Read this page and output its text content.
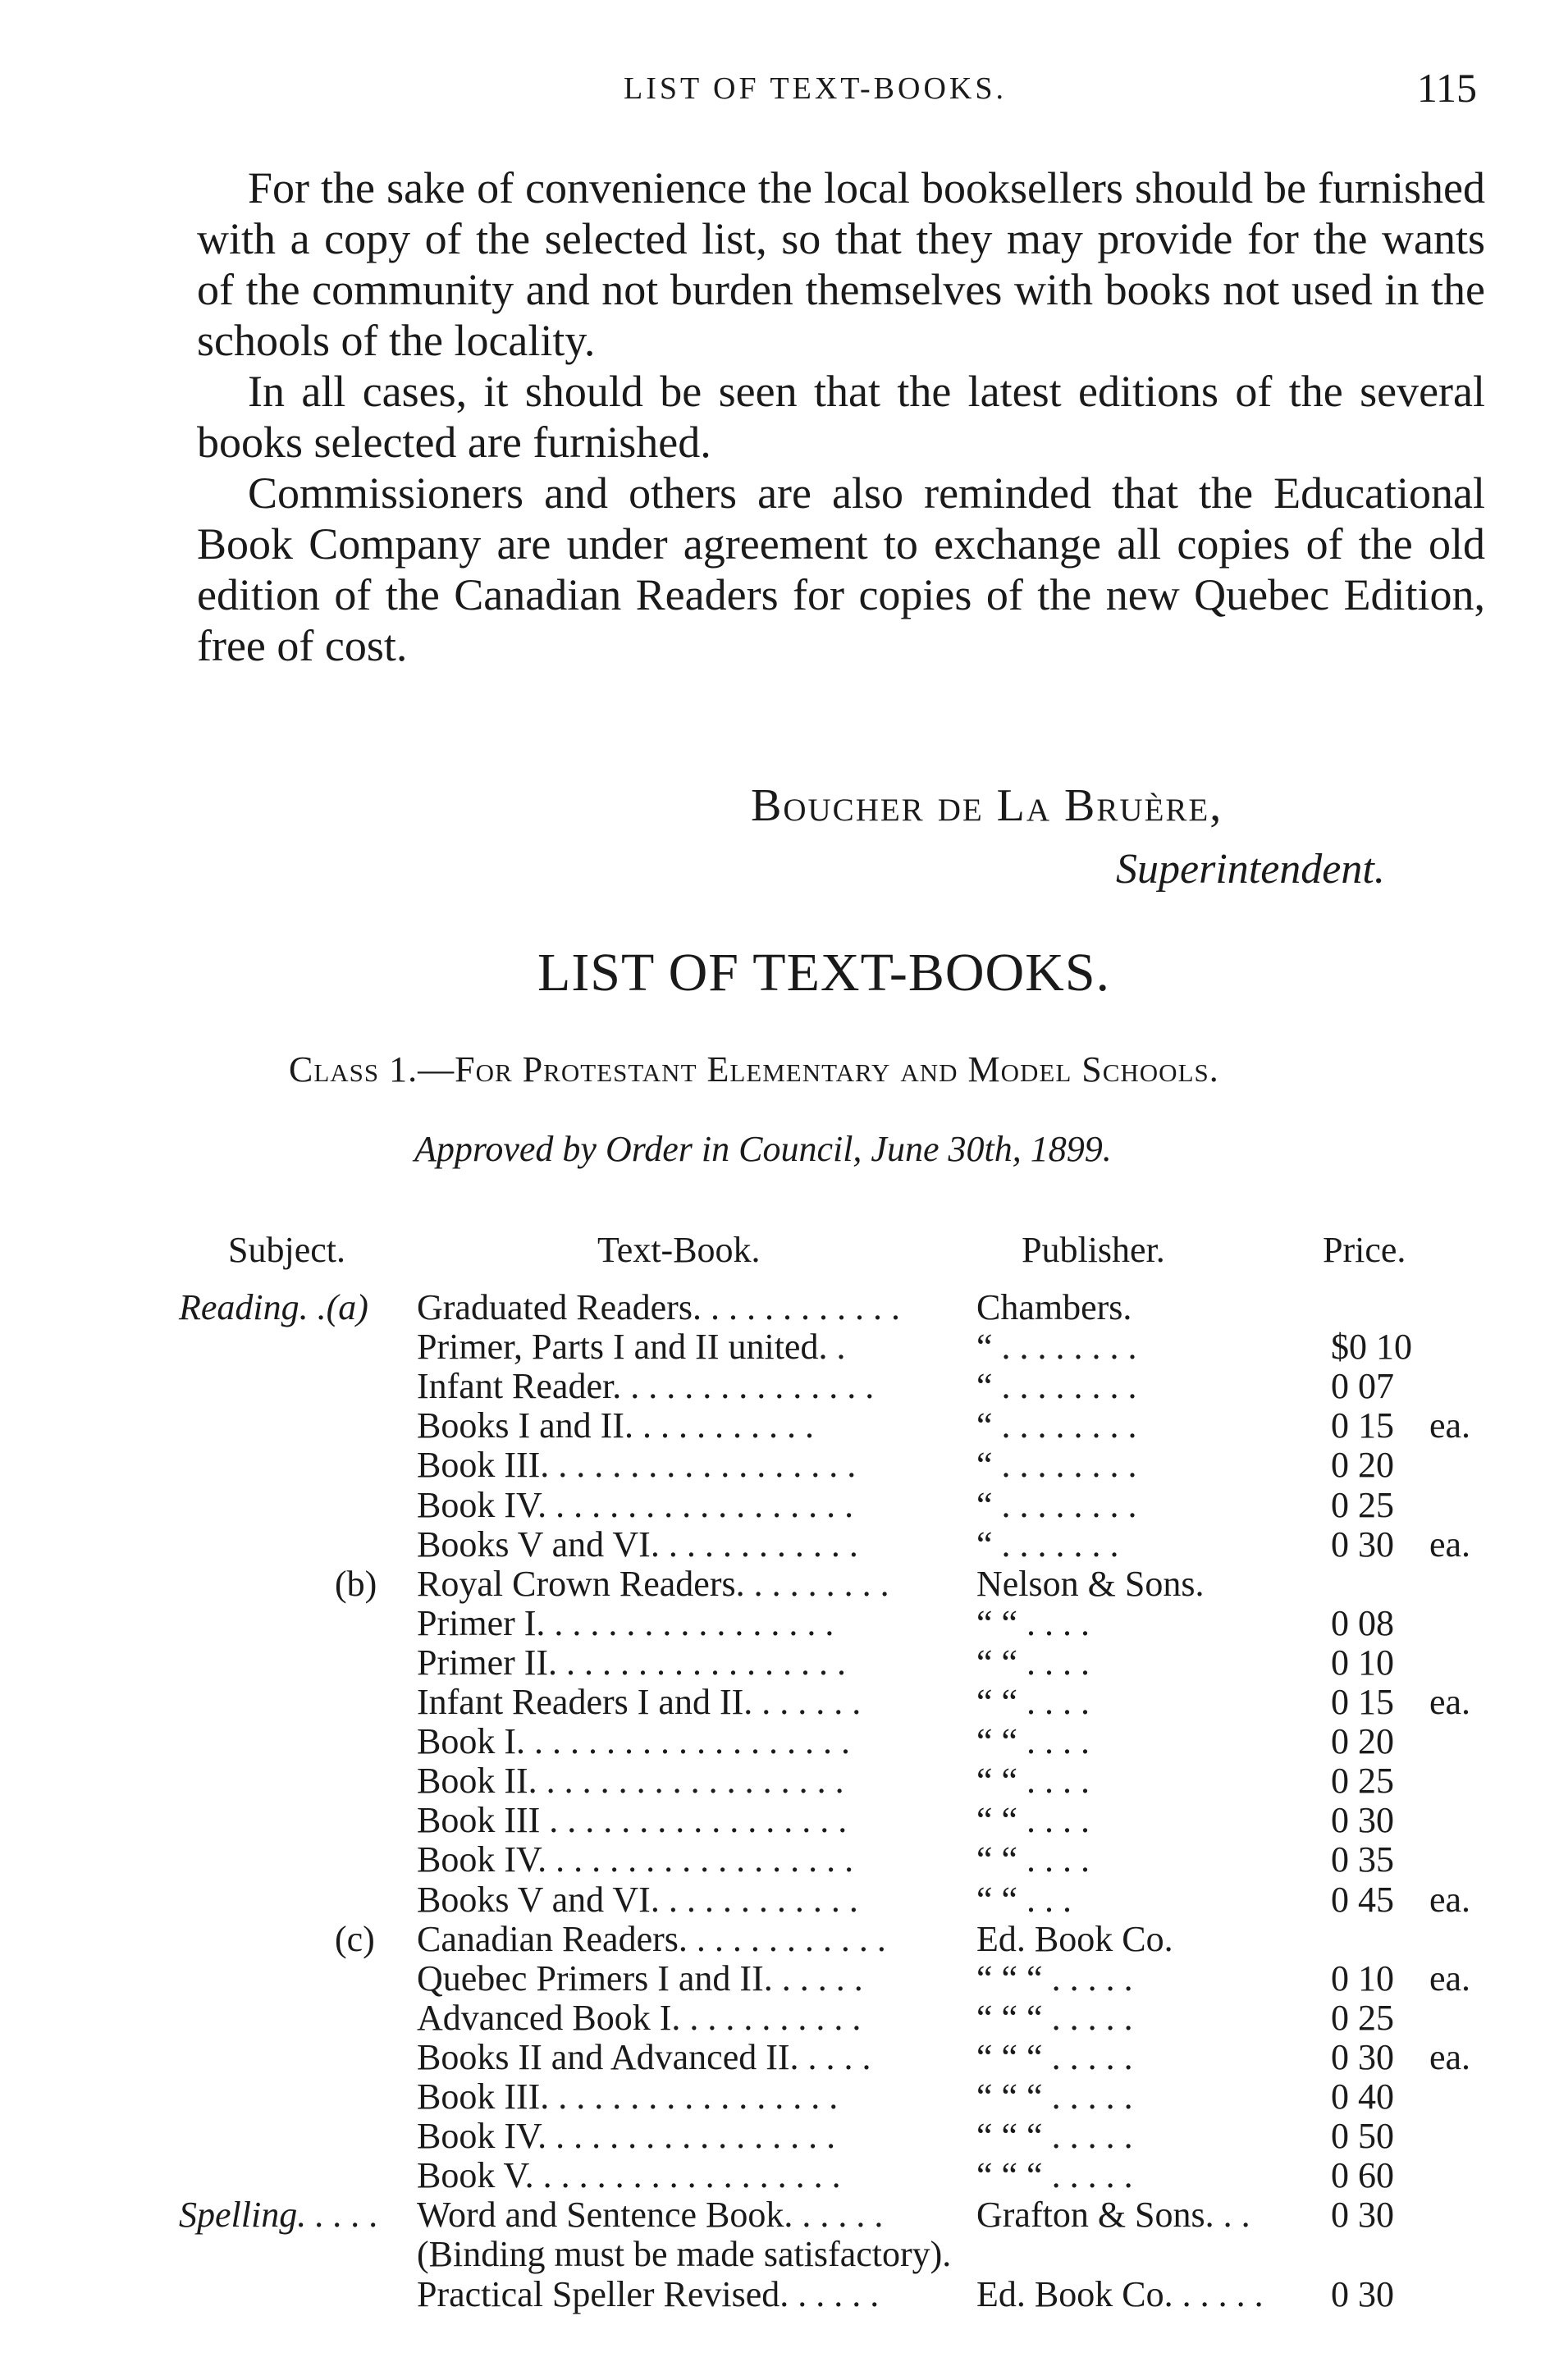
LIST OF TEXT-BOOKS.	115

For the sake of convenience the local booksellers should be furnished with a copy of the selected list, so that they may provide for the wants of the community and not burden themselves with books not used in the schools of the locality.

In all cases, it should be seen that the latest editions of the several books selected are furnished.

Commissioners and others are also reminded that the Educational Book Company are under agreement to exchange all copies of the old edition of the Canadian Readers for copies of the new Quebec Edition, free of cost.

Boucher de La Bruère,
Superintendent.
LIST OF TEXT-BOOKS.
Class 1.—For Protestant Elementary and Model Schools.
Approved by Order in Council, June 30th, 1899.
Subject.	Text-Book.	Publisher.	Price.
Reading. .(a) Graduated Readers. . . . . . . . . . . . Chambers.
Primer, Parts I and II united. .	“ . . . . . . . .	$0 10
Infant Reader. . . . . . . . . . . . . . .	“ . . . . . . . .	0 07
Books I and II. . . . . . . . . . .	“ . . . . . . . .	0 15 ea.
Book III. . . . . . . . . . . . . . . . . .	“ . . . . . . . .	0 20
Book IV. . . . . . . . . . . . . . . . . .	“ . . . . . . . .	0 25
Books V and VI. . . . . . . . . . . .	“ . . . . . . .	0 30 ea.
(b) Royal Crown Readers. . . . . . . . . Nelson & Sons.
Primer I. . . . . . . . . . . . . . . . .	“ “ . . . .	0 08
Primer II. . . . . . . . . . . . . . . . .	“ “ . . . .	0 10
Infant Readers I and II. . . . . . .	“ “ . . . .	0 15 ea.
Book I. . . . . . . . . . . . . . . . . . .	“ “ . . . .	0 20
Book II. . . . . . . . . . . . . . . . . .	“ “ . . . .	0 25
Book III . . . . . . . . . . . . . . . . .	“ “ . . . .	0 30
Book IV. . . . . . . . . . . . . . . . . .	“ “ . . . .	0 35
Books V and VI. . . . . . . . . . . .	“ “ . . .	0 45 ea.
(c) Canadian Readers. . . . . . . . . . . .	Ed. Book Co.
Quebec Primers I and II. . . . . .	“ “ “ . . . . .	0 10 ea.
Advanced Book I. . . . . . . . . . .	“ “ “ . . . . .	0 25
Books II and Advanced II. . . . .	“ “ “ . . . . .	0 30 ea.
Book III. . . . . . . . . . . . . . . . .	“ “ “ . . . . .	0 40
Book IV. . . . . . . . . . . . . . . . .	“ “ “ . . . . .	0 50
Book V. . . . . . . . . . . . . . . . . .	“ “ “ . . . . .	0 60
Spelling. . . . . Word and Sentence Book. . . . . .	Grafton & Sons. . . 0 30
(Binding must be made satisfactory).
Practical Speller Revised. . . . . .	Ed. Book Co. . . . . . 0 30
